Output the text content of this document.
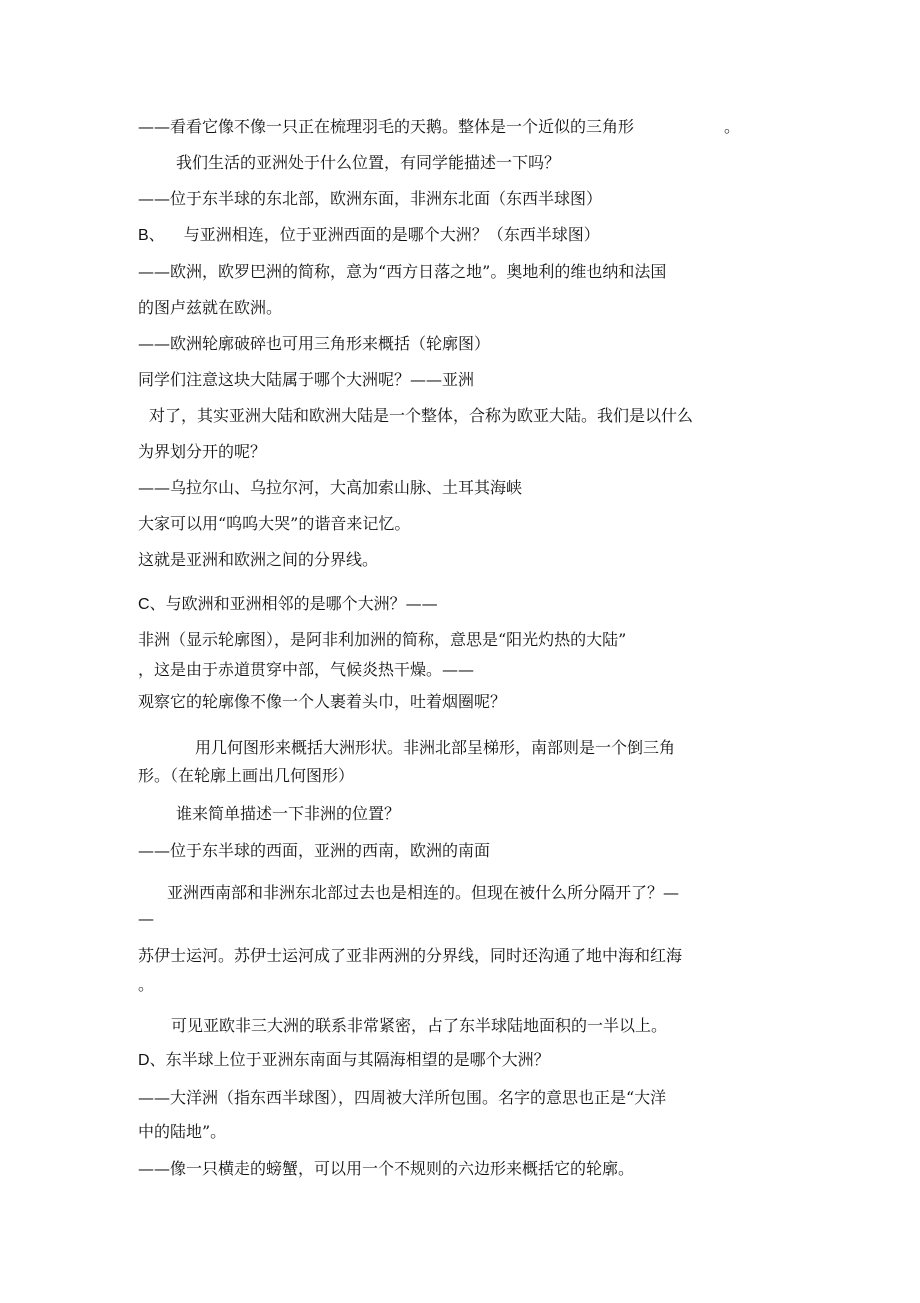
——看看它像不像一只正在梳理羽毛的天鹅。整体是一个近似的三角形	。
我们生活的亚洲处于什么位置，有同学能描述一下吗？
——位于东半球的东北部，欧洲东面，非洲东北面（东西半球图）
B、 与亚洲相连，位于亚洲西面的是哪个大洲？（东西半球图）
——欧洲，欧罗巴洲的简称，意为“西方日落之地”。奥地利的维也纳和法国
的图卢兹就在欧洲。
——欧洲轮廓破碎也可用三角形来概括（轮廓图）
同学们注意这块大陆属于哪个大洲呢？——亚洲
对了，其实亚洲大陆和欧洲大陆是一个整体，合称为欧亚大陆。我们是以什么
为界划分开的呢？
——乌拉尔山、乌拉尔河，大高加索山脉、土耳其海峡
大家可以用“呜呜大哭”的谐音来记忆。
这就是亚洲和欧洲之间的分界线。
C、与欧洲和亚洲相邻的是哪个大洲？——
非洲（显示轮廓图），是阿非利加洲的简称，意思是“阳光灼热的大陆”
，这是由于赤道贯穿中部，气候炎热干燥。——
观察它的轮廓像不像一个人裹着头巾，吐着烟圈呢？
用几何图形来概括大洲形状。非洲北部呈梯形，南部则是一个倒三角
形。（在轮廓上画出几何图形）
谁来简单描述一下非洲的位置？
——位于东半球的西面，亚洲的西南，欧洲的南面
亚洲西南部和非洲东北部过去也是相连的。但现在被什么所分隔开了？—
—
苏伊士运河。苏伊士运河成了亚非两洲的分界线，同时还沟通了地中海和红海
。
可见亚欧非三大洲的联系非常紧密，占了东半球陆地面积的一半以上。
D、东半球上位于亚洲东南面与其隔海相望的是哪个大洲？
——大洋洲（指东西半球图），四周被大洋所包围。名字的意思也正是“大洋
中的陆地”。
——像一只横走的螃蟹，可以用一个不规则的六边形来概括它的轮廓。
